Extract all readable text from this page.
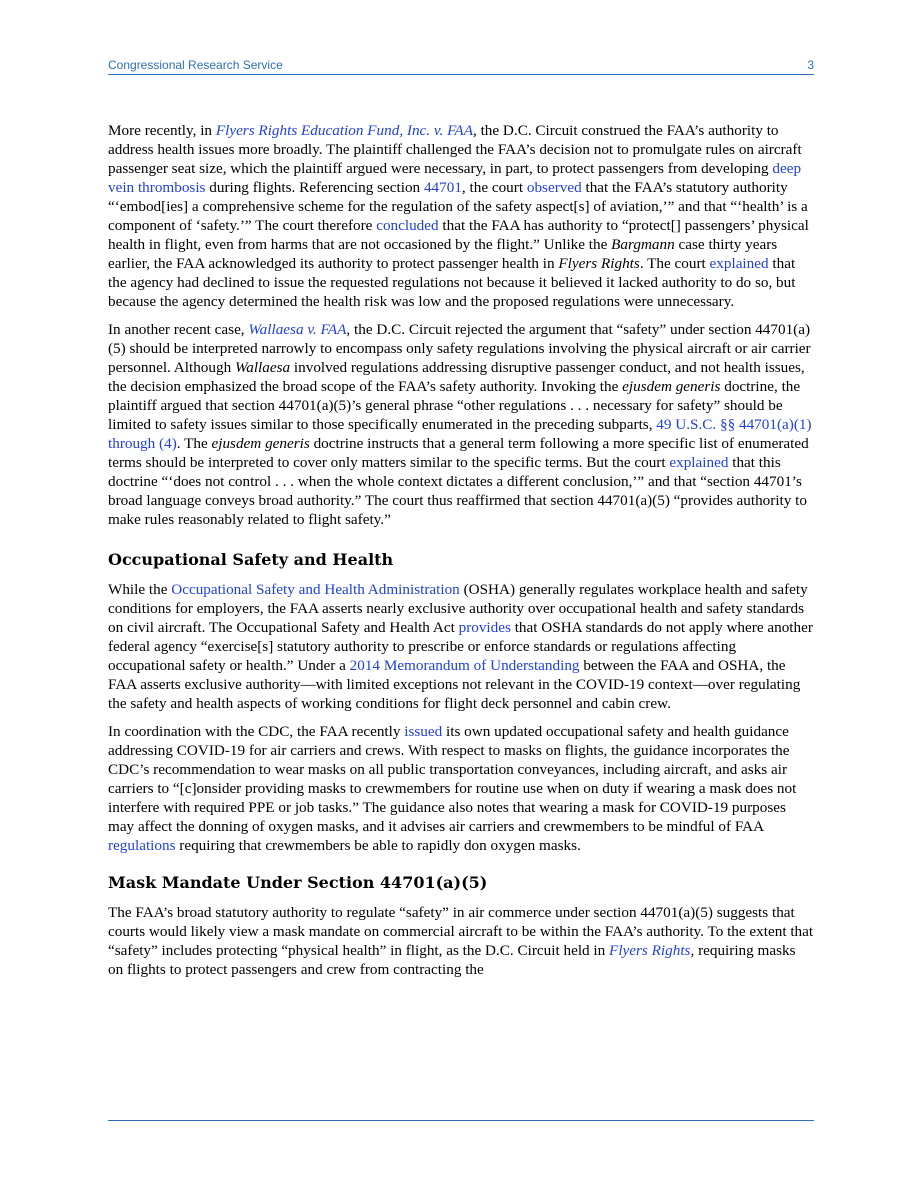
Congressional Research Service	3

More recently, in Flyers Rights Education Fund, Inc. v. FAA, the D.C. Circuit construed the FAA’s authority to address health issues more broadly. The plaintiff challenged the FAA’s decision not to promulgate rules on aircraft passenger seat size, which the plaintiff argued were necessary, in part, to protect passengers from developing deep vein thrombosis during flights. Referencing section 44701, the court observed that the FAA’s statutory authority “‘embod[ies] a comprehensive scheme for the regulation of the safety aspect[s] of aviation,’” and that “‘health’ is a component of ‘safety.’” The court therefore concluded that the FAA has authority to “protect[] passengers’ physical health in flight, even from harms that are not occasioned by the flight.” Unlike the Bargmann case thirty years earlier, the FAA acknowledged its authority to protect passenger health in Flyers Rights. The court explained that the agency had declined to issue the requested regulations not because it believed it lacked authority to do so, but because the agency determined the health risk was low and the proposed regulations were unnecessary.

In another recent case, Wallaesa v. FAA, the D.C. Circuit rejected the argument that “safety” under section 44701(a)(5) should be interpreted narrowly to encompass only safety regulations involving the physical aircraft or air carrier personnel. Although Wallaesa involved regulations addressing disruptive passenger conduct, and not health issues, the decision emphasized the broad scope of the FAA’s safety authority. Invoking the ejusdem generis doctrine, the plaintiff argued that section 44701(a)(5)’s general phrase “other regulations . . . necessary for safety” should be limited to safety issues similar to those specifically enumerated in the preceding subparts, 49 U.S.C. §§ 44701(a)(1) through (4). The ejusdem generis doctrine instructs that a general term following a more specific list of enumerated terms should be interpreted to cover only matters similar to the specific terms. But the court explained that this doctrine “‘does not control . . . when the whole context dictates a different conclusion,’” and that “section 44701’s broad language conveys broad authority.” The court thus reaffirmed that section 44701(a)(5) “provides authority to make rules reasonably related to flight safety.”

Occupational Safety and Health

While the Occupational Safety and Health Administration (OSHA) generally regulates workplace health and safety conditions for employers, the FAA asserts nearly exclusive authority over occupational health and safety standards on civil aircraft. The Occupational Safety and Health Act provides that OSHA standards do not apply where another federal agency “exercise[s] statutory authority to prescribe or enforce standards or regulations affecting occupational safety or health.” Under a 2014 Memorandum of Understanding between the FAA and OSHA, the FAA asserts exclusive authority—with limited exceptions not relevant in the COVID-19 context—over regulating the safety and health aspects of working conditions for flight deck personnel and cabin crew.

In coordination with the CDC, the FAA recently issued its own updated occupational safety and health guidance addressing COVID-19 for air carriers and crews. With respect to masks on flights, the guidance incorporates the CDC’s recommendation to wear masks on all public transportation conveyances, including aircraft, and asks air carriers to “[c]onsider providing masks to crewmembers for routine use when on duty if wearing a mask does not interfere with required PPE or job tasks.” The guidance also notes that wearing a mask for COVID-19 purposes may affect the donning of oxygen masks, and it advises air carriers and crewmembers to be mindful of FAA regulations requiring that crewmembers be able to rapidly don oxygen masks.

Mask Mandate Under Section 44701(a)(5)

The FAA’s broad statutory authority to regulate “safety” in air commerce under section 44701(a)(5) suggests that courts would likely view a mask mandate on commercial aircraft to be within the FAA’s authority. To the extent that “safety” includes protecting “physical health” in flight, as the D.C. Circuit held in Flyers Rights, requiring masks on flights to protect passengers and crew from contracting the
